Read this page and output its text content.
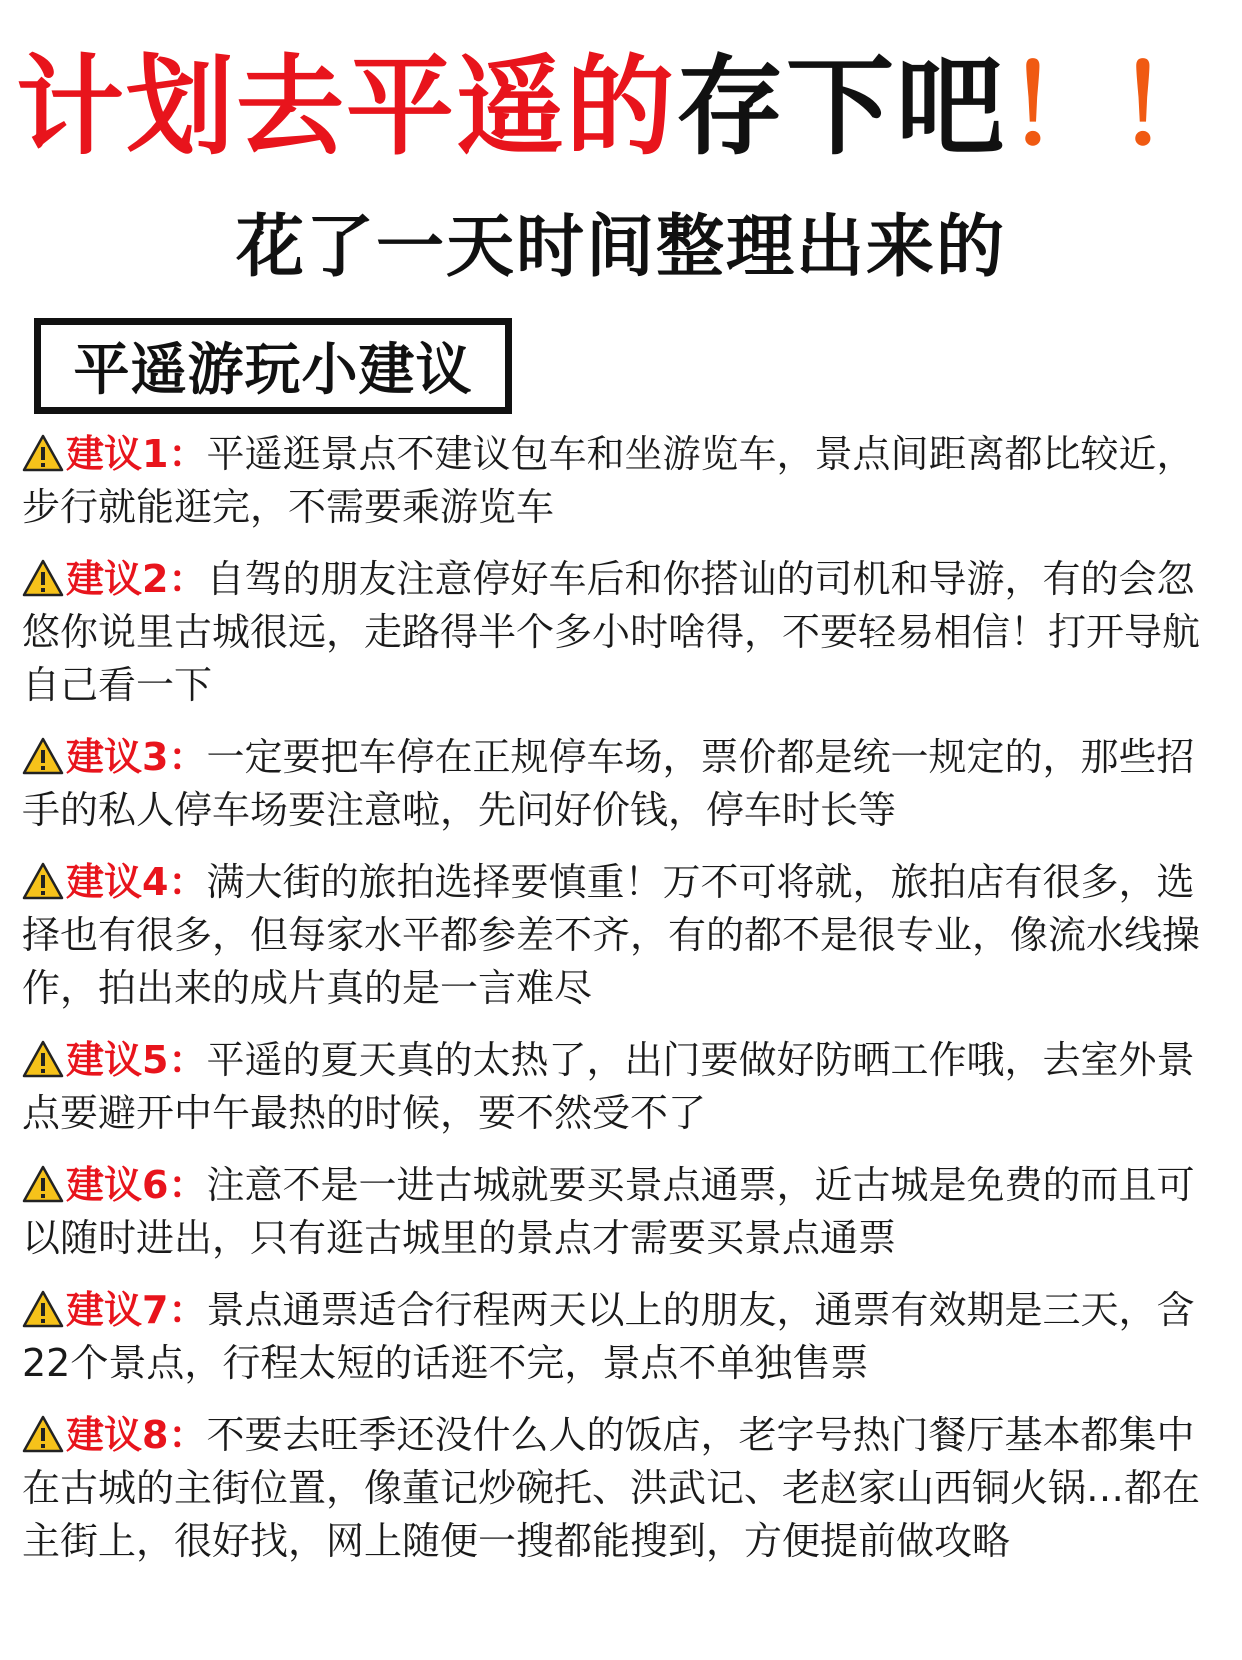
计划去平遥的存下吧！！
花了一天时间整理出来的
平遥游玩小建议
建议1：平遥逛景点不建议包车和坐游览车，景点间距离都比较近，步行就能逛完，不需要乘游览车
建议2：自驾的朋友注意停好车后和你搭讪的司机和导游，有的会忽悠你说里古城很远，走路得半个多小时啥得，不要轻易相信！打开导航自己看一下
建议3：一定要把车停在正规停车场，票价都是统一规定的，那些招手的私人停车场要注意啦，先问好价钱，停车时长等
建议4：满大街的旅拍选择要慎重！万不可将就，旅拍店有很多，选择也有很多，但每家水平都参差不齐，有的都不是很专业，像流水线操作，拍出来的成片真的是一言难尽
建议5：平遥的夏天真的太热了，出门要做好防晒工作哦，去室外景点要避开中午最热的时候，要不然受不了
建议6：注意不是一进古城就要买景点通票，近古城是免费的而且可以随时进出，只有逛古城里的景点才需要买景点通票
建议7：景点通票适合行程两天以上的朋友，通票有效期是三天，含22个景点，行程太短的话逛不完，景点不单独售票
建议8：不要去旺季还没什么人的饭店，老字号热门餐厅基本都集中在古城的主街位置，像董记炒碗托、洪武记、老赵家山西铜火锅…都在主街上，很好找，网上随便一搜都能搜到，方便提前做攻略
